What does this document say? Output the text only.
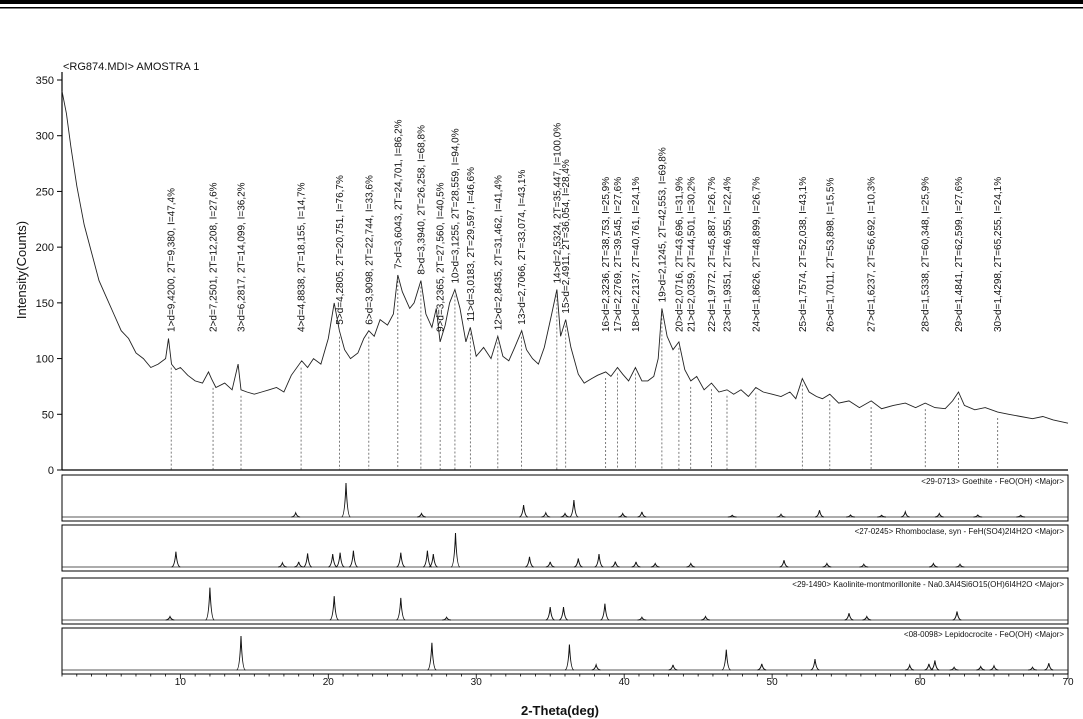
<RG874.MDI> AMOSTRA 1
0
50
100
150
200
250
300
350
1>d=9,4200, 2T=9,380, I=47,4%	2>d=7,2501, 2T=12,208, I=27,6% 3>d=6,2817, 2T=14,099, I=36,2%	4>d=4,8838, 2T=18,155, I=14,7%	5>d=4,2805, 2T=20,751, I=76,7% 6>d=3,9098, 2T=22,744, I=33,6% 7>d=3,6043, 2T=24,701, I=86,2% 8>d=3,3940, 2T=26,258, I=68,8% 9>d=3,2365, 2T=27,560, I=40,5% 10>d=3,1255, 2T=28,559, I=94,0% 11>d=3,0183, 2T=29,597, I=46,6% 12>d=2,8435, 2T=31,462, I=41,4% 13>d=2,7066, 2T=33,074, I=43,1% 14>d=2,5324, 2T=35,447, I=100,0%
15>d=2,4911, 2T=36,054, I=28,4%	16>d=2,3236, 2T=38,753, I=25,9% 17>d=2,2769, 2T=39,545, I=27,6% 18>d=2,2137, 2T=40,761, I=24,1% 19>d=2,1245, 2T=42,553, I=69,8% 20>d=2,0716, 2T=43,696, I=31,9% 21>d=2,0359, 2T=44,501, I=30,2% 22>d=1,9772, 2T=45,887, I=26,7% 23>d=1,9351, 2T=46,955, I=22,4% 24>d=1,8626, 2T=48,899, I=26,7%	25>d=1,7574, 2T=52,038, I=43,1% 26>d=1,7011, 2T=53,898, I=15,5%	27>d=1,6237, 2T=56,692, I=10,3%	28>d=1,5338, 2T=60,348, I=25,9% 29>d=1,4841, 2T=62,599, I=27,6%	30>d=1,4298, 2T=65,255, I=24,1%
Intensity(Counts)
<29-0713> Goethite - FeO(OH) <Major>
<27-0245> Rhomboclase, syn - FeH(SO4)2I4H2O <Major>
<29-1490> Kaolinite-montmorillonite - Na0.3Al4Si6O15(OH)6I4H2O <Major>
<08-0098> Lepidocrocite - FeO(OH) <Major>
10	20	30	40	50	60	70
2-Theta(deg)
